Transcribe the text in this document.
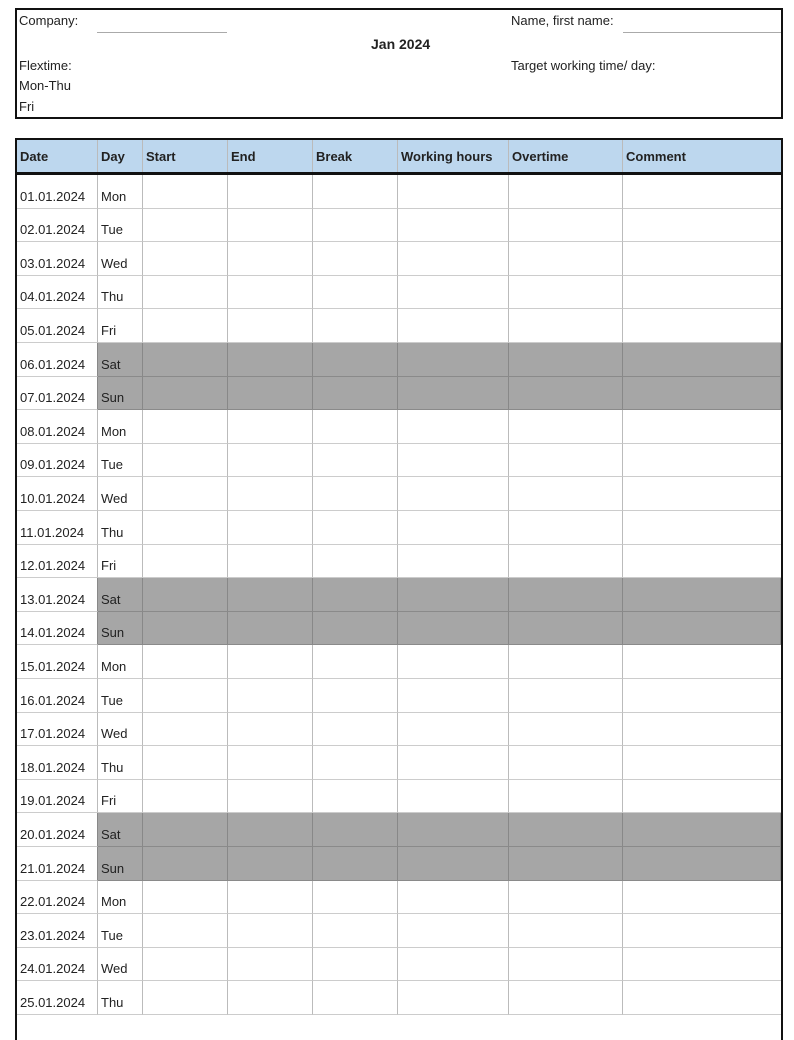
Company:
Jan 2024
Name, first name:
Flextime:
Mon-Thu
Fri
Target working time/ day:
Date	Day	Start	End	Break	Working hours	Overtime	Comment
01.01.2024	Mon
02.01.2024	Tue
03.01.2024	Wed
04.01.2024	Thu
05.01.2024	Fri
06.01.2024	Sat
07.01.2024	Sun
08.01.2024	Mon
09.01.2024	Tue
10.01.2024	Wed
11.01.2024	Thu
12.01.2024	Fri
13.01.2024	Sat
14.01.2024	Sun
15.01.2024	Mon
16.01.2024	Tue
17.01.2024	Wed
18.01.2024	Thu
19.01.2024	Fri
20.01.2024	Sat
21.01.2024	Sun
22.01.2024	Mon
23.01.2024	Tue
24.01.2024	Wed
25.01.2024	Thu
